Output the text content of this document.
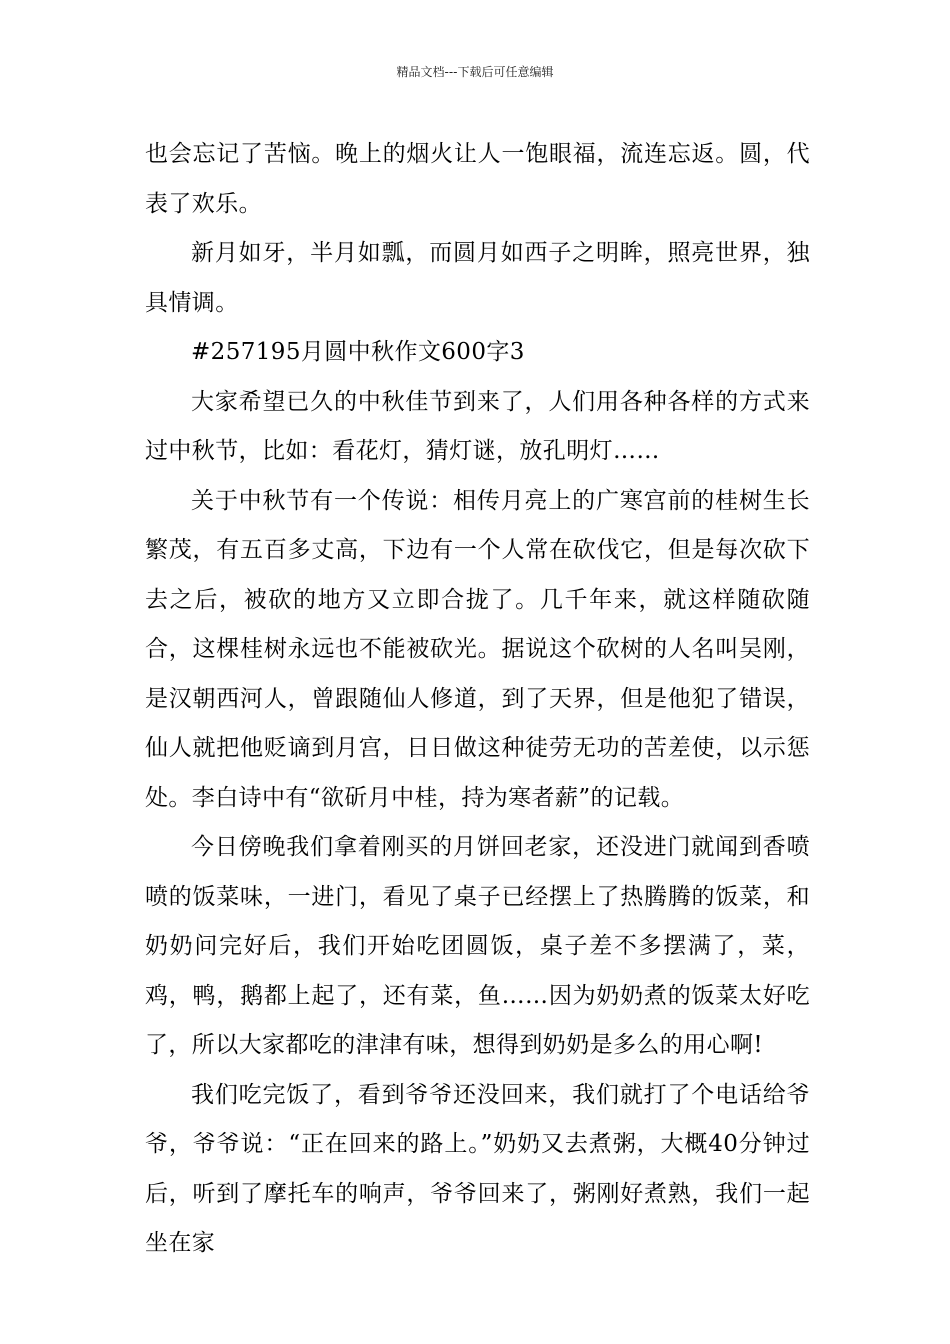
精品文档---下载后可任意编辑

也会忘记了苦恼。晚上的烟火让人一饱眼福，流连忘返。圆，代表了欢乐。

新月如牙，半月如瓢，而圆月如西子之明眸，照亮世界，独具情调。

#257195月圆中秋作文600字3

大家希望已久的中秋佳节到来了，人们用各种各样的方式来过中秋节，比如：看花灯，猜灯谜，放孔明灯……

关于中秋节有一个传说：相传月亮上的广寒宫前的桂树生长繁茂，有五百多丈高，下边有一个人常在砍伐它，但是每次砍下去之后，被砍的地方又立即合拢了。几千年来，就这样随砍随合，这棵桂树永远也不能被砍光。据说这个砍树的人名叫吴刚，是汉朝西河人，曾跟随仙人修道，到了天界，但是他犯了错误，仙人就把他贬谪到月宫，日日做这种徒劳无功的苦差使，以示惩处。李白诗中有“欲斫月中桂，持为寒者薪”的记载。

今日傍晚我们拿着刚买的月饼回老家，还没进门就闻到香喷喷的饭菜味，一进门，看见了桌子已经摆上了热腾腾的饭菜，和奶奶问完好后，我们开始吃团圆饭，桌子差不多摆满了，菜，鸡，鸭，鹅都上起了，还有菜，鱼……因为奶奶煮的饭菜太好吃了，所以大家都吃的津津有味，想得到奶奶是多么的用心啊!

我们吃完饭了，看到爷爷还没回来，我们就打了个电话给爷爷，爷爷说：“正在回来的路上。”奶奶又去煮粥，大概40分钟过后，听到了摩托车的响声，爷爷回来了，粥刚好煮熟，我们一起坐在家
